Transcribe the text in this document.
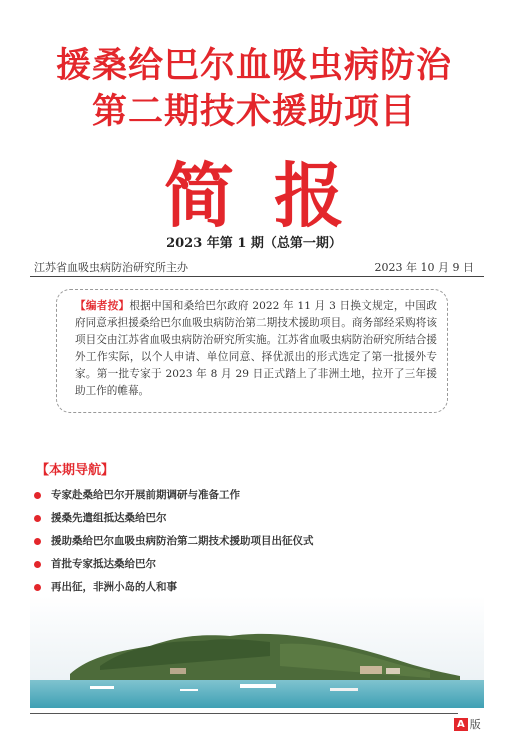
援桑给巴尔血吸虫病防治
第二期技术援助项目
简报
2023 年第 1 期（总第一期）
江苏省血吸虫病防治研究所主办	2023 年 10 月 9 日

【编者按】根据中国和桑给巴尔政府 2022 年 11 月 3 日换文规定，中国政府同意承担援桑给巴尔血吸虫病防治第二期技术援助项目。商务部经采购将该项目交由江苏省血吸虫病防治研究所实施。江苏省血吸虫病防治研究所结合援外工作实际，以个人申请、单位同意、择优派出的形式选定了第一批援外专家。第一批专家于 2023 年 8 月 29 日正式踏上了非洲土地，拉开了三年援助工作的帷幕。

【本期导航】
专家赴桑给巴尔开展前期调研与准备工作
援桑先遣组抵达桑给巴尔
援助桑给巴尔血吸虫病防治第二期技术援助项目出征仪式
首批专家抵达桑给巴尔
再出征，非洲小岛的人和事
A 版
